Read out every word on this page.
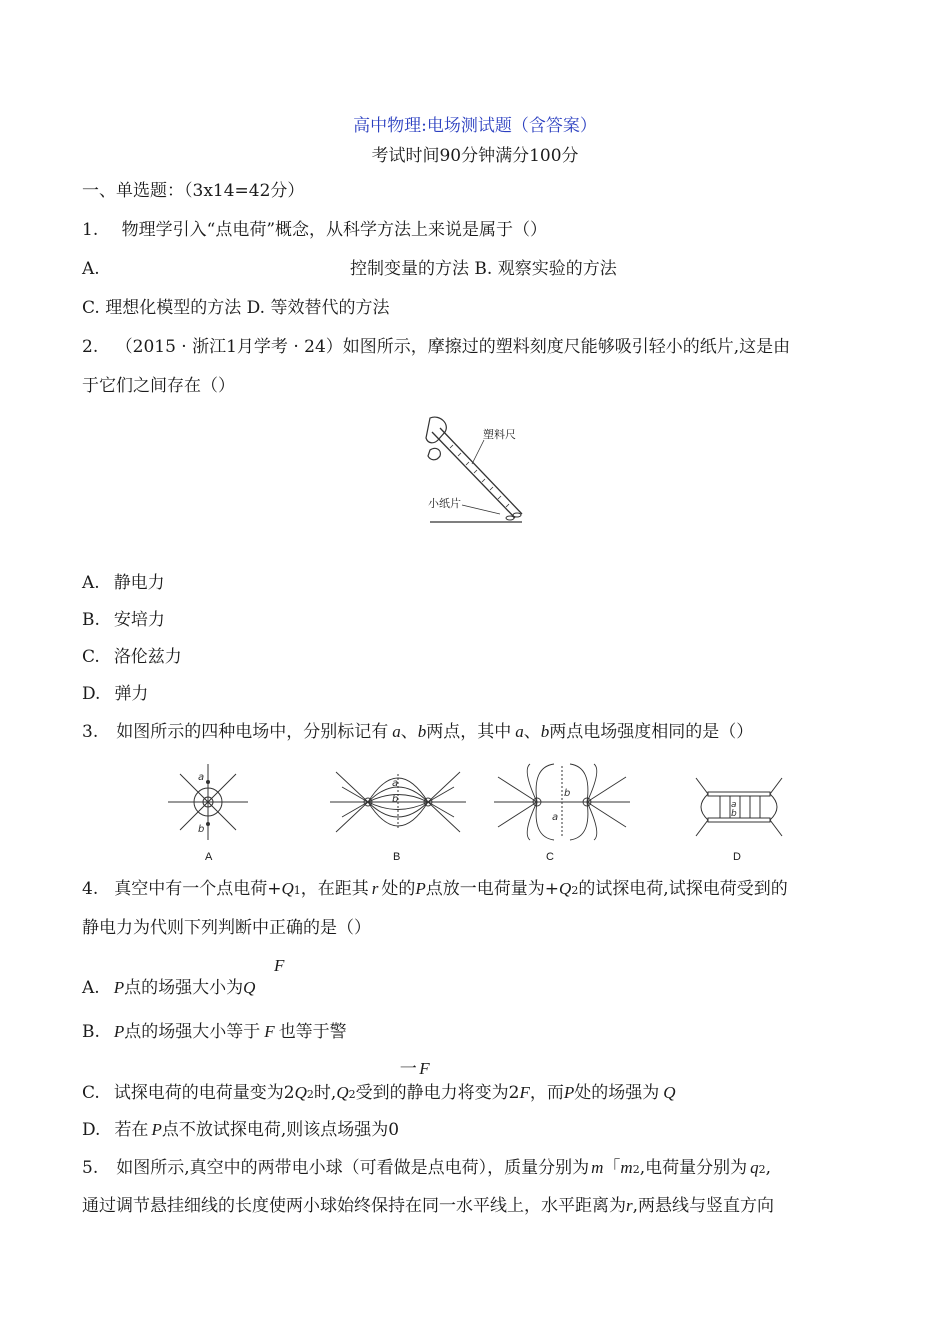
高中物理:电场测试题（含答案）
考试时间90分钟满分100分
一、单选题：（3x14=42分）
1. 物理学引入“点电荷”概念，从科学方法上来说是属于（）
A.	控制变量的方法 B. 观察实验的方法
C. 理想化模型的方法 D. 等效替代的方法
2. （2015 · 浙江1月学考 · 24）如图所示，摩擦过的塑料刻度尺能够吸引轻小的纸片,这是由
于它们之间存在（）
塑料尺
小纸片
A. 静电力
B. 安培力
C. 洛伦兹力
D. 弹力
3. 如图所示的四种电场中，分别标记有 a、b两点，其中 a、b两点电场强度相同的是（）
a
b
A
a
b
B
b
a
C
a
b
D
4. 真空中有一个点电荷+Q1，在距其 r 处的P点放一电荷量为+Q2的试探电荷,试探电荷受到的
静电力为代则下列判断中正确的是（）
F
A. P点的场强大小为Q
B. P点的场强大小等于 F 也等于警
一 F
C. 试探电荷的电荷量变为2Q2时,Q2受到的静电力将变为2F，而P处的场强为 Q
D. 若在 P点不放试探电荷,则该点场强为0
5. 如图所示,真空中的两带电小球（可看做是点电荷），质量分别为 m「m2,电荷量分别为 q2,
通过调节悬挂细线的长度使两小球始终保持在同一水平线上，水平距离为r,两悬线与竖直方向
